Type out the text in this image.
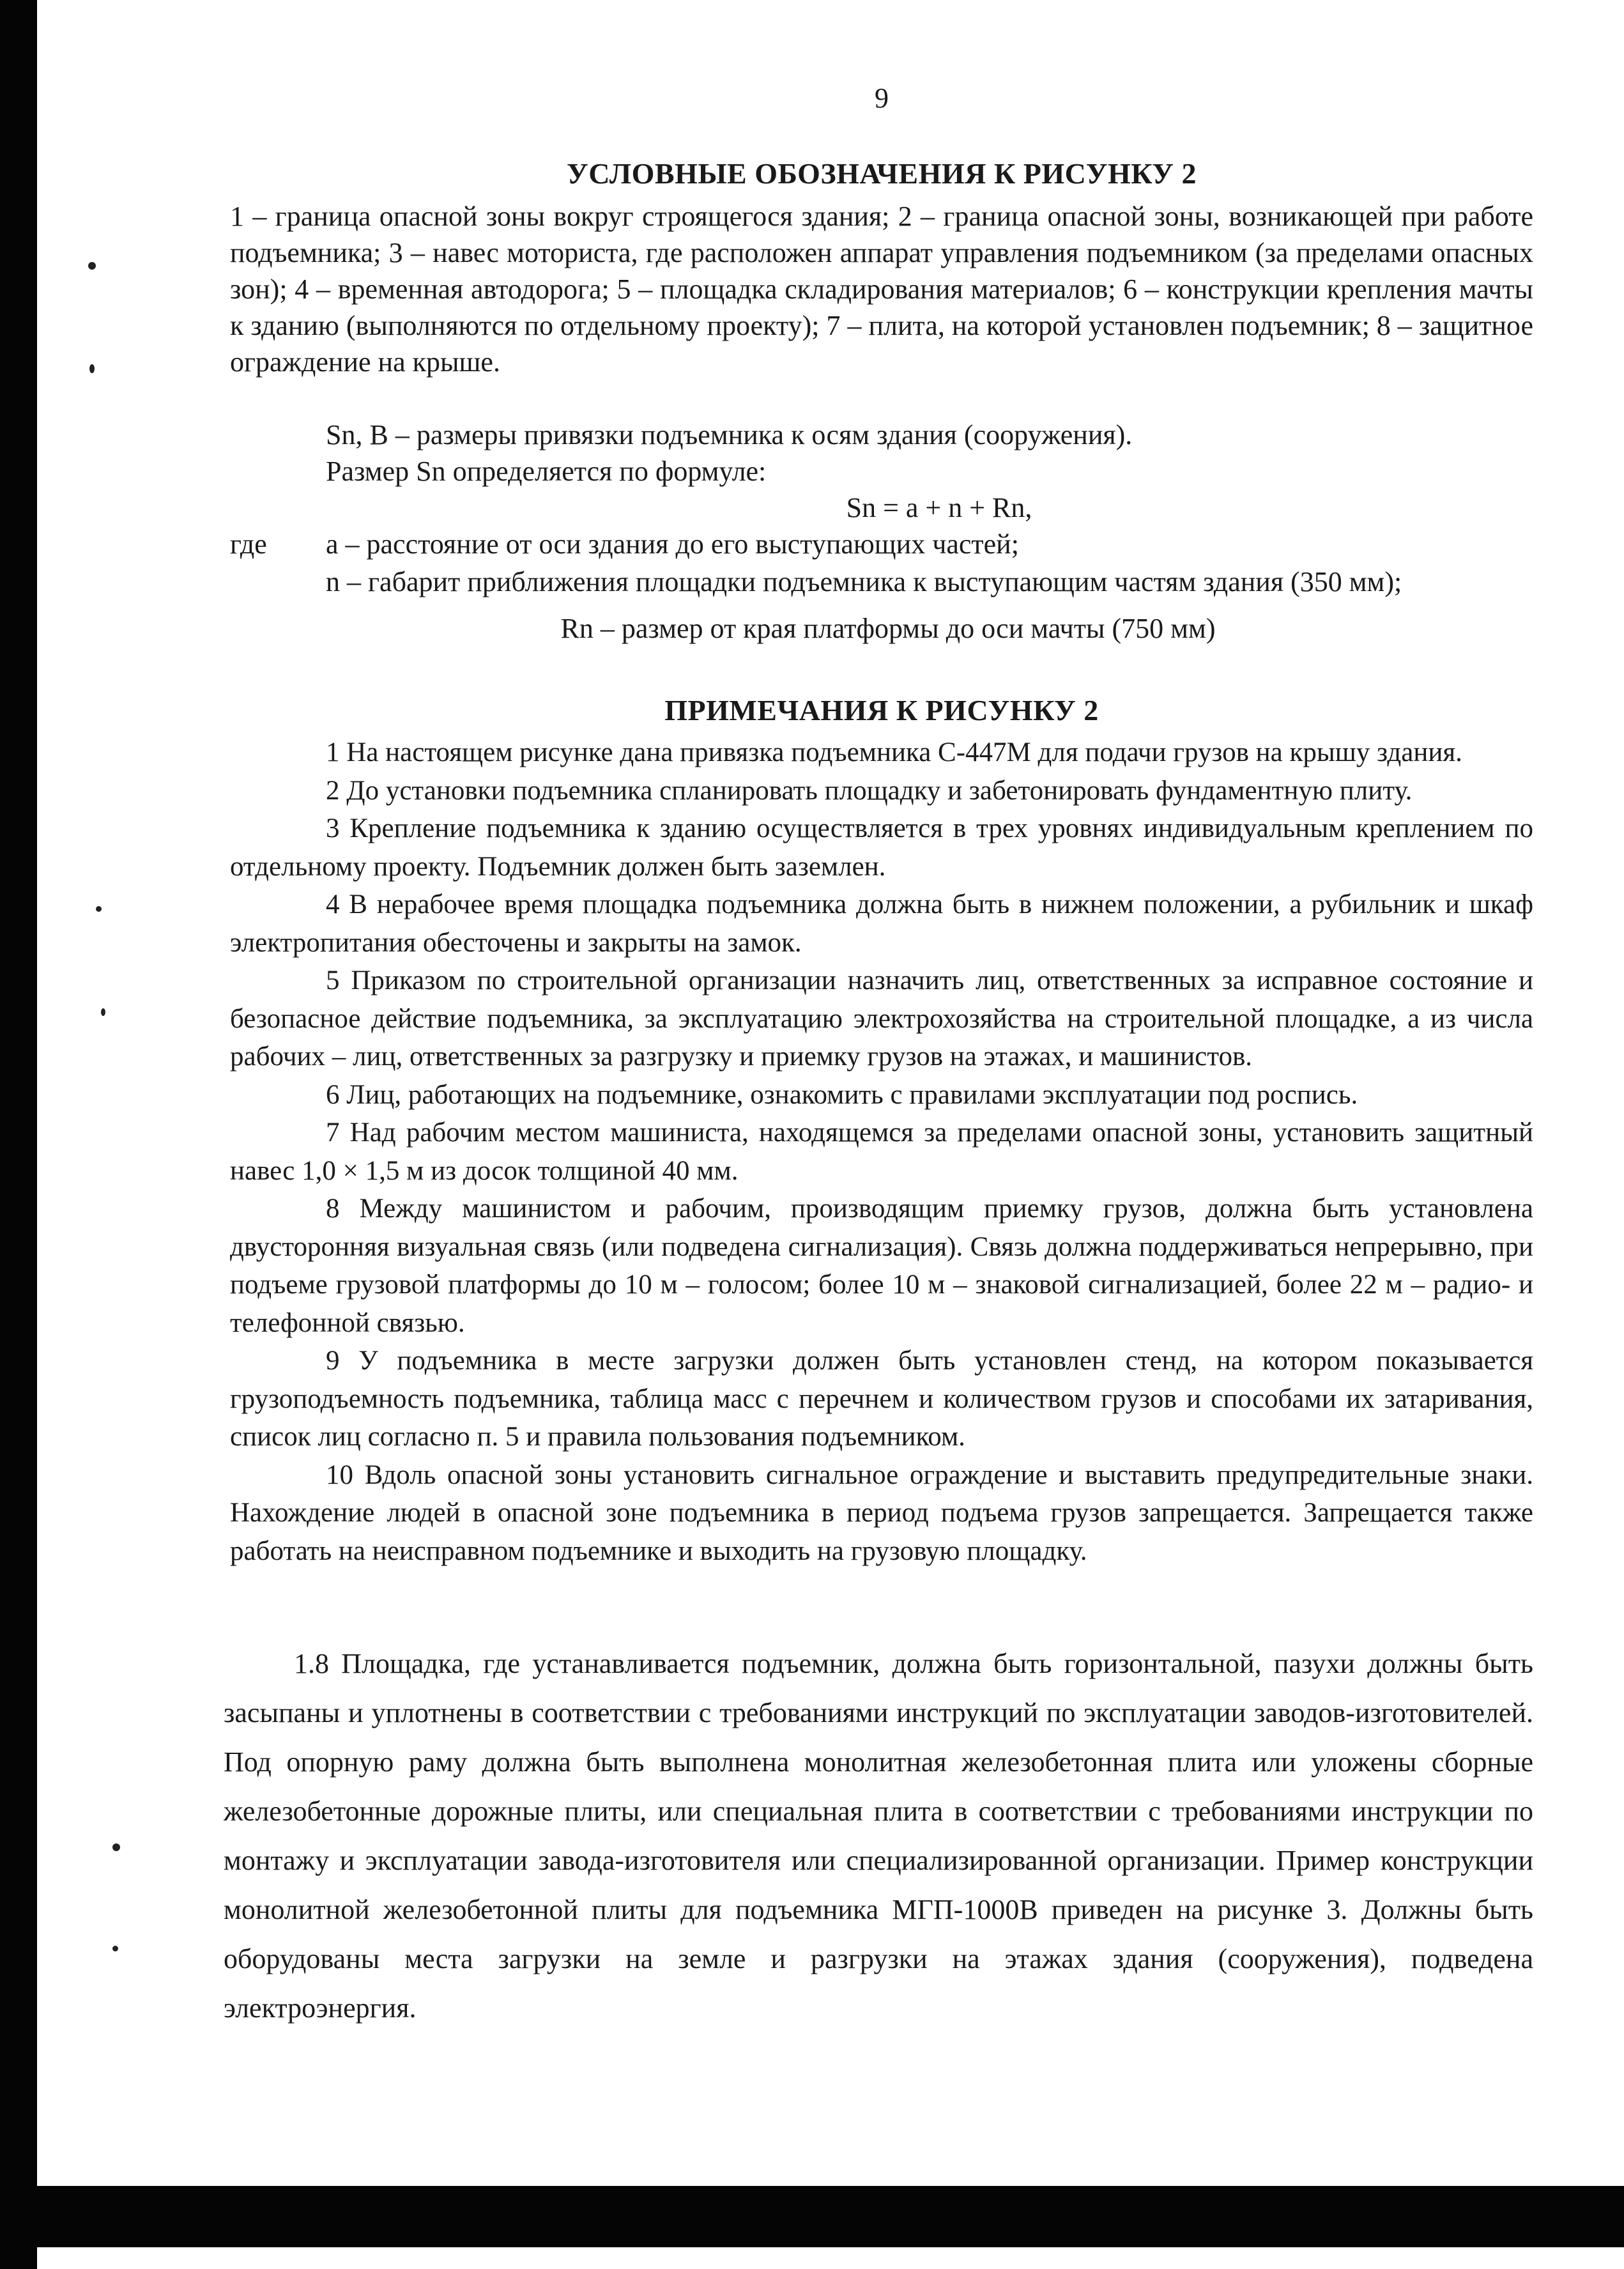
9
УСЛОВНЫЕ ОБОЗНАЧЕНИЯ К РИСУНКУ 2

1 – граница опасной зоны вокруг строящегося здания; 2 – граница опасной зоны, возникающей при работе подъемника; 3 – навес моториста, где расположен аппарат управления подъемником (за пределами опасных зон); 4 – временная автодорога; 5 – площадка складирования материалов; 6 – конструкции крепления мачты к зданию (выполняются по отдельному проекту); 7 – плита, на которой установлен подъемник; 8 – защитное ограждение на крыше.

Sn, B – размеры привязки подъемника к осям здания (сооружения).
Размер Sn определяется по формуле:
Sn = a + n + Rn,
где a – расстояние от оси здания до его выступающих частей;
n – габарит приближения площадки подъемника к выступающим частям здания (350 мм);
Rn – размер от края платформы до оси мачты (750 мм)
ПРИМЕЧАНИЯ К РИСУНКУ 2

1 На настоящем рисунке дана привязка подъемника С-447М для подачи грузов на крышу здания.

2 До установки подъемника спланировать площадку и забетонировать фундаментную плиту.

3 Крепление подъемника к зданию осуществляется в трех уровнях индивидуальным креплением по отдельному проекту. Подъемник должен быть заземлен.

4 В нерабочее время площадка подъемника должна быть в нижнем положении, а рубильник и шкаф электропитания обесточены и закрыты на замок.

5 Приказом по строительной организации назначить лиц, ответственных за исправное состояние и безопасное действие подъемника, за эксплуатацию электрохозяйства на строительной площадке, а из числа рабочих – лиц, ответственных за разгрузку и приемку грузов на этажах, и машинистов.

6 Лиц, работающих на подъемнике, ознакомить с правилами эксплуатации под роспись.

7 Над рабочим местом машиниста, находящемся за пределами опасной зоны, установить защитный навес 1,0 × 1,5 м из досок толщиной 40 мм.

8 Между машинистом и рабочим, производящим приемку грузов, должна быть установлена двусторонняя визуальная связь (или подведена сигнализация). Связь должна поддерживаться непрерывно, при подъеме грузовой платформы до 10 м – голосом; более 10 м – знаковой сигнализацией, более 22 м – радио- и телефонной связью.

9 У подъемника в месте загрузки должен быть установлен стенд, на котором показывается грузоподъемность подъемника, таблица масс с перечнем и количеством грузов и способами их затаривания, список лиц согласно п. 5 и правила пользования подъемником.

10 Вдоль опасной зоны установить сигнальное ограждение и выставить предупредительные знаки. Нахождение людей в опасной зоне подъемника в период подъема грузов запрещается. Запрещается также работать на неисправном подъемнике и выходить на грузовую площадку.

1.8 Площадка, где устанавливается подъемник, должна быть горизонтальной, пазухи должны быть засыпаны и уплотнены в соответствии с требованиями инструкций по эксплуатации заводов-изготовителей. Под опорную раму должна быть выполнена монолитная железобетонная плита или уложены сборные железобетонные дорожные плиты, или специальная плита в соответствии с требованиями инструкции по монтажу и эксплуатации завода-изготовителя или специализированной организации. Пример конструкции монолитной железобетонной плиты для подъемника МГП-1000В приведен на рисунке 3. Должны быть оборудованы места загрузки на земле и разгрузки на этажах здания (сооружения), подведена электроэнергия.
